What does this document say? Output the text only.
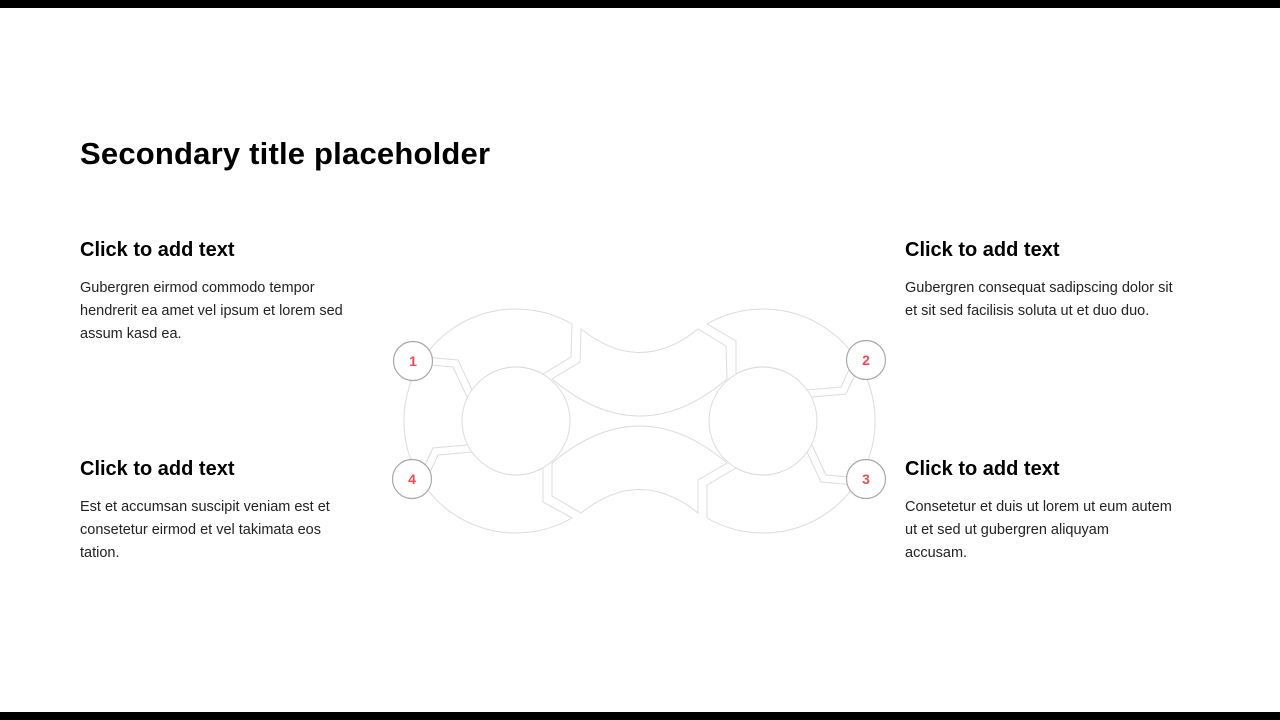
Secondary title placeholder
Click to add text
Gubergren eirmod commodo tempor
hendrerit ea amet vel ipsum et lorem sed
assum kasd ea.
Click to add text
Gubergren consequat sadipscing dolor sit
et sit sed facilisis soluta ut et duo duo.
Click to add text
Est et accumsan suscipit veniam est et
consetetur eirmod et vel takimata eos
tation.
Click to add text
Consetetur et duis ut lorem ut eum autem
ut et sed ut gubergren aliquyam
accusam.
1	2
3
4
